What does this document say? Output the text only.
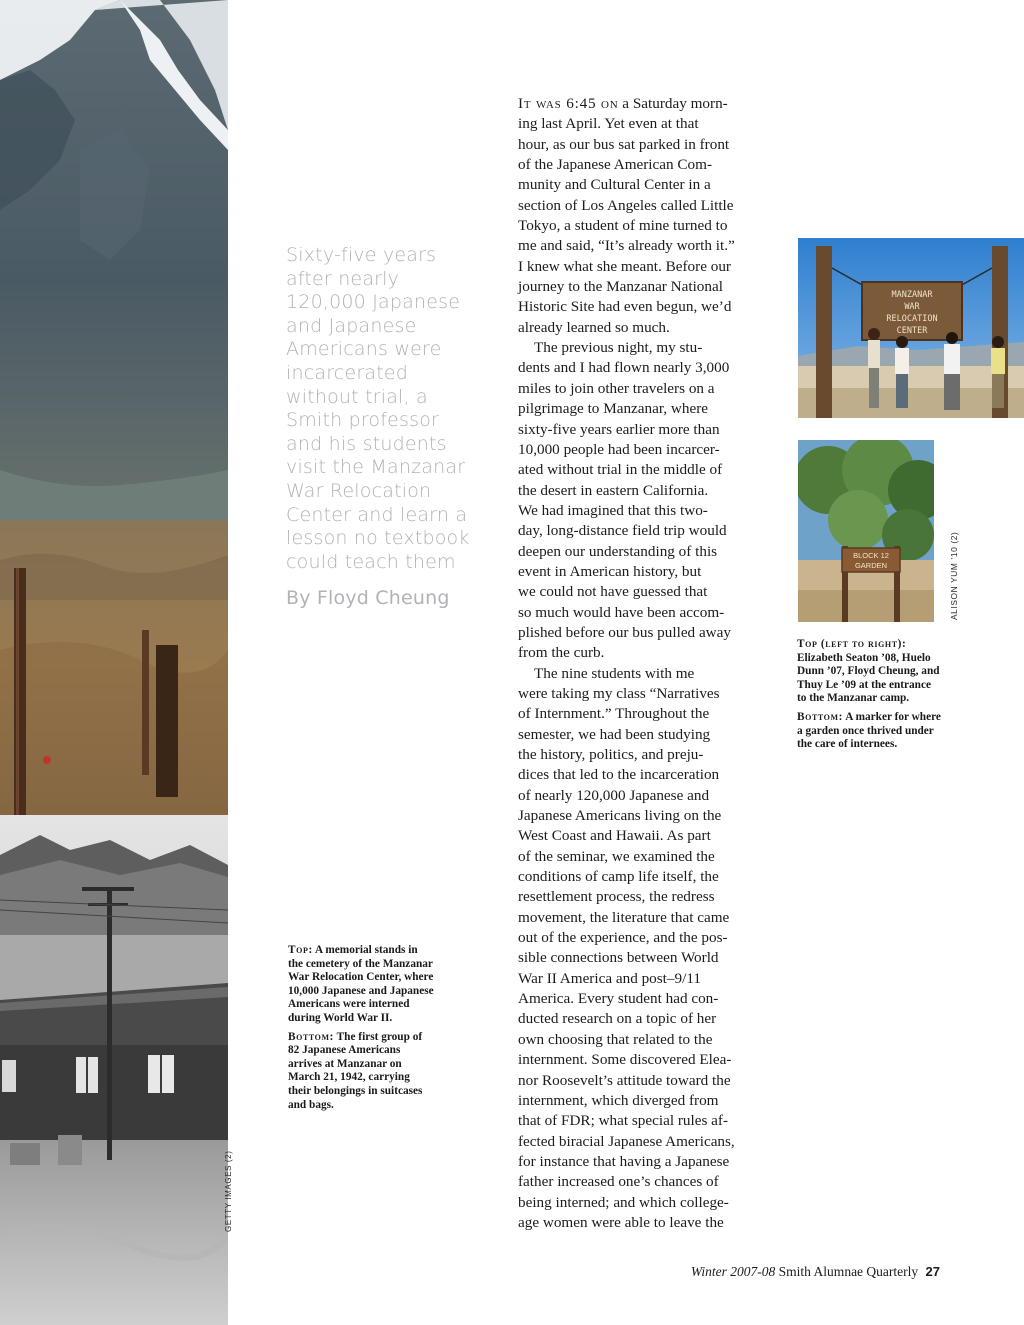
GETTY IMAGES (2)
Sixty-five years
after nearly
120,000 Japanese
and Japanese
Americans were
incarcerated
without trial, a
Smith professor
and his students
visit the Manzanar
War Relocation
Center and learn a
lesson no textbook
could teach them
By Floyd Cheung

Top: A memorial stands in the cemetery of the Manzanar War Relocation Center, where 10,000 Japanese and Japanese Americans were interned during World War II.

Bottom: The first group of 82 Japanese Americans arrives at Manzanar on March 21, 1942, carrying their belongings in suitcases and bags.

It was 6:45 on a Saturday morn-
ing last April. Yet even at that
hour, as our bus sat parked in front
of the Japanese American Com-
munity and Cultural Center in a
section of Los Angeles called Little
Tokyo, a student of mine turned to
me and said, “It’s already worth it.”
I knew what she meant. Before our
journey to the Manzanar National
Historic Site had even begun, we’d
already learned so much.
The previous night, my stu-
dents and I had flown nearly 3,000
miles to join other travelers on a
pilgrimage to Manzanar, where
sixty-five years earlier more than
10,000 people had been incarcer-
ated without trial in the middle of
the desert in eastern California.
We had imagined that this two-
day, long-distance field trip would
deepen our understanding of this
event in American history, but
we could not have guessed that
so much would have been accom-
plished before our bus pulled away
from the curb.
The nine students with me
were taking my class “Narratives
of Internment.” Throughout the
semester, we had been studying
the history, politics, and preju-
dices that led to the incarceration
of nearly 120,000 Japanese and
Japanese Americans living on the
West Coast and Hawaii. As part
of the seminar, we examined the
conditions of camp life itself, the
resettlement process, the redress
movement, the literature that came
out of the experience, and the pos-
sible connections between World
War II America and post–9/11
America. Every student had con-
ducted research on a topic of her
own choosing that related to the
internment. Some discovered Elea-
nor Roosevelt’s attitude toward the
internment, which diverged from
that of FDR; what special rules af-
fected biracial Japanese Americans,
for instance that having a Japanese
father increased one’s chances of
being interned; and which college-
age women were able to leave the
MANZANAR
WAR
RELOCATION
CENTER
BLOCK 12
GARDEN	ALISON YUM ’10 (2)

Top (left to right): Elizabeth Seaton ’08, Huelo Dunn ’07, Floyd Cheung, and Thuy Le ’09 at the entrance to the Manzanar camp.

Bottom: A marker for where a garden once thrived under the care of internees.

Winter 2007-08 Smith Alumnae Quarterly 27
